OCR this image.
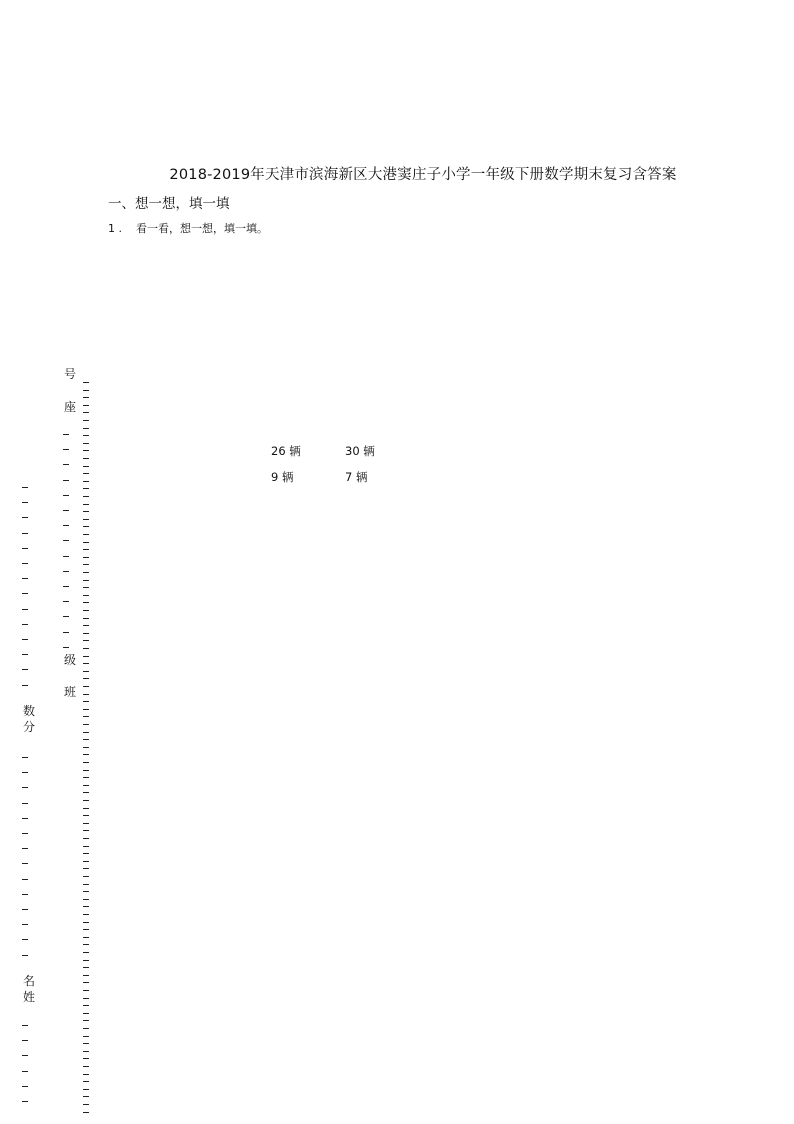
2018-2019年天津市滨海新区大港窦庄子小学一年级下册数学期末复习含答案
一、想一想，填一填
1 . 看一看，想一想，填一填。
26 辆	30 辆
9 辆	7 辆
号
座
级
班
数
分
名
姓
